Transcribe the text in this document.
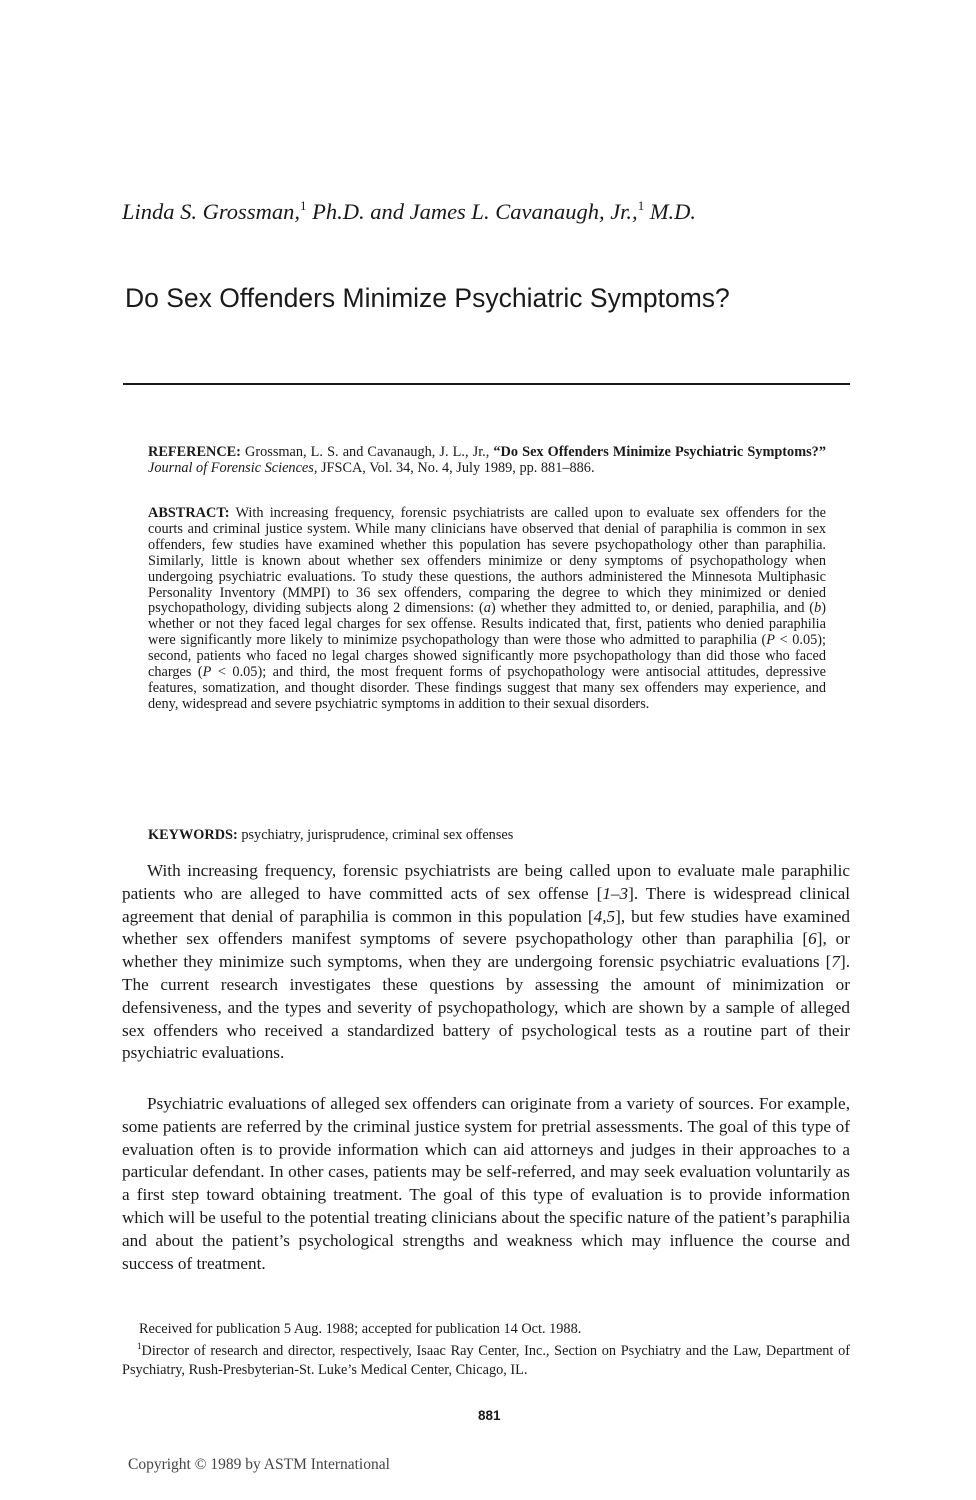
Linda S. Grossman,$^1$ Ph.D. and James L. Cavanaugh, Jr.,$^1$ M.D.
Do Sex Offenders Minimize Psychiatric Symptoms?

REFERENCE: Grossman, L. S. and Cavanaugh, J. L., Jr., “Do Sex Offenders Minimize Psychiatric Symptoms?” Journal of Forensic Sciences, JFSCA, Vol. 34, No. 4, July 1989, pp. 881–886.

ABSTRACT: With increasing frequency, forensic psychiatrists are called upon to evaluate sex offenders for the courts and criminal justice system. While many clinicians have observed that denial of paraphilia is common in sex offenders, few studies have examined whether this population has severe psychopathology other than paraphilia. Similarly, little is known about whether sex offenders minimize or deny symptoms of psychopathology when undergoing psychiatric evaluations. To study these questions, the authors administered the Minnesota Multiphasic Personality Inventory (MMPI) to 36 sex offenders, comparing the degree to which they minimized or denied psychopathology, dividing subjects along 2 dimensions: (a) whether they admitted to, or denied, paraphilia, and (b) whether or not they faced legal charges for sex offense. Results indicated that, first, patients who denied paraphilia were significantly more likely to minimize psychopathology than were those who admitted to paraphilia (P < 0.05); second, patients who faced no legal charges showed significantly more psychopathology than did those who faced charges (P < 0.05); and third, the most frequent forms of psychopathology were antisocial attitudes, depressive features, somatization, and thought disorder. These findings suggest that many sex offenders may experience, and deny, widespread and severe psychiatric symptoms in addition to their sexual disorders.

KEYWORDS: psychiatry, jurisprudence, criminal sex offenses

With increasing frequency, forensic psychiatrists are being called upon to evaluate male paraphilic patients who are alleged to have committed acts of sex offense [1–3]. There is widespread clinical agreement that denial of paraphilia is common in this population [4,5], but few studies have examined whether sex offenders manifest symptoms of severe psychopathology other than paraphilia [6], or whether they minimize such symptoms, when they are undergoing forensic psychiatric evaluations [7]. The current research investigates these questions by assessing the amount of minimization or defensiveness, and the types and severity of psychopathology, which are shown by a sample of alleged sex offenders who received a standardized battery of psychological tests as a routine part of their psychiatric evaluations.

Psychiatric evaluations of alleged sex offenders can originate from a variety of sources. For example, some patients are referred by the criminal justice system for pretrial assessments. The goal of this type of evaluation often is to provide information which can aid attorneys and judges in their approaches to a particular defendant. In other cases, patients may be self-referred, and may seek evaluation voluntarily as a first step toward obtaining treatment. The goal of this type of evaluation is to provide information which will be useful to the potential treating clinicians about the specific nature of the patient’s paraphilia and about the patient’s psychological strengths and weakness which may influence the course and success of treatment.

Received for publication 5 Aug. 1988; accepted for publication 14 Oct. 1988.

$^1$Director of research and director, respectively, Isaac Ray Center, Inc., Section on Psychiatry and the Law, Department of Psychiatry, Rush-Presbyterian-St. Luke’s Medical Center, Chicago, IL.

881
Copyright © 1989 by ASTM International
